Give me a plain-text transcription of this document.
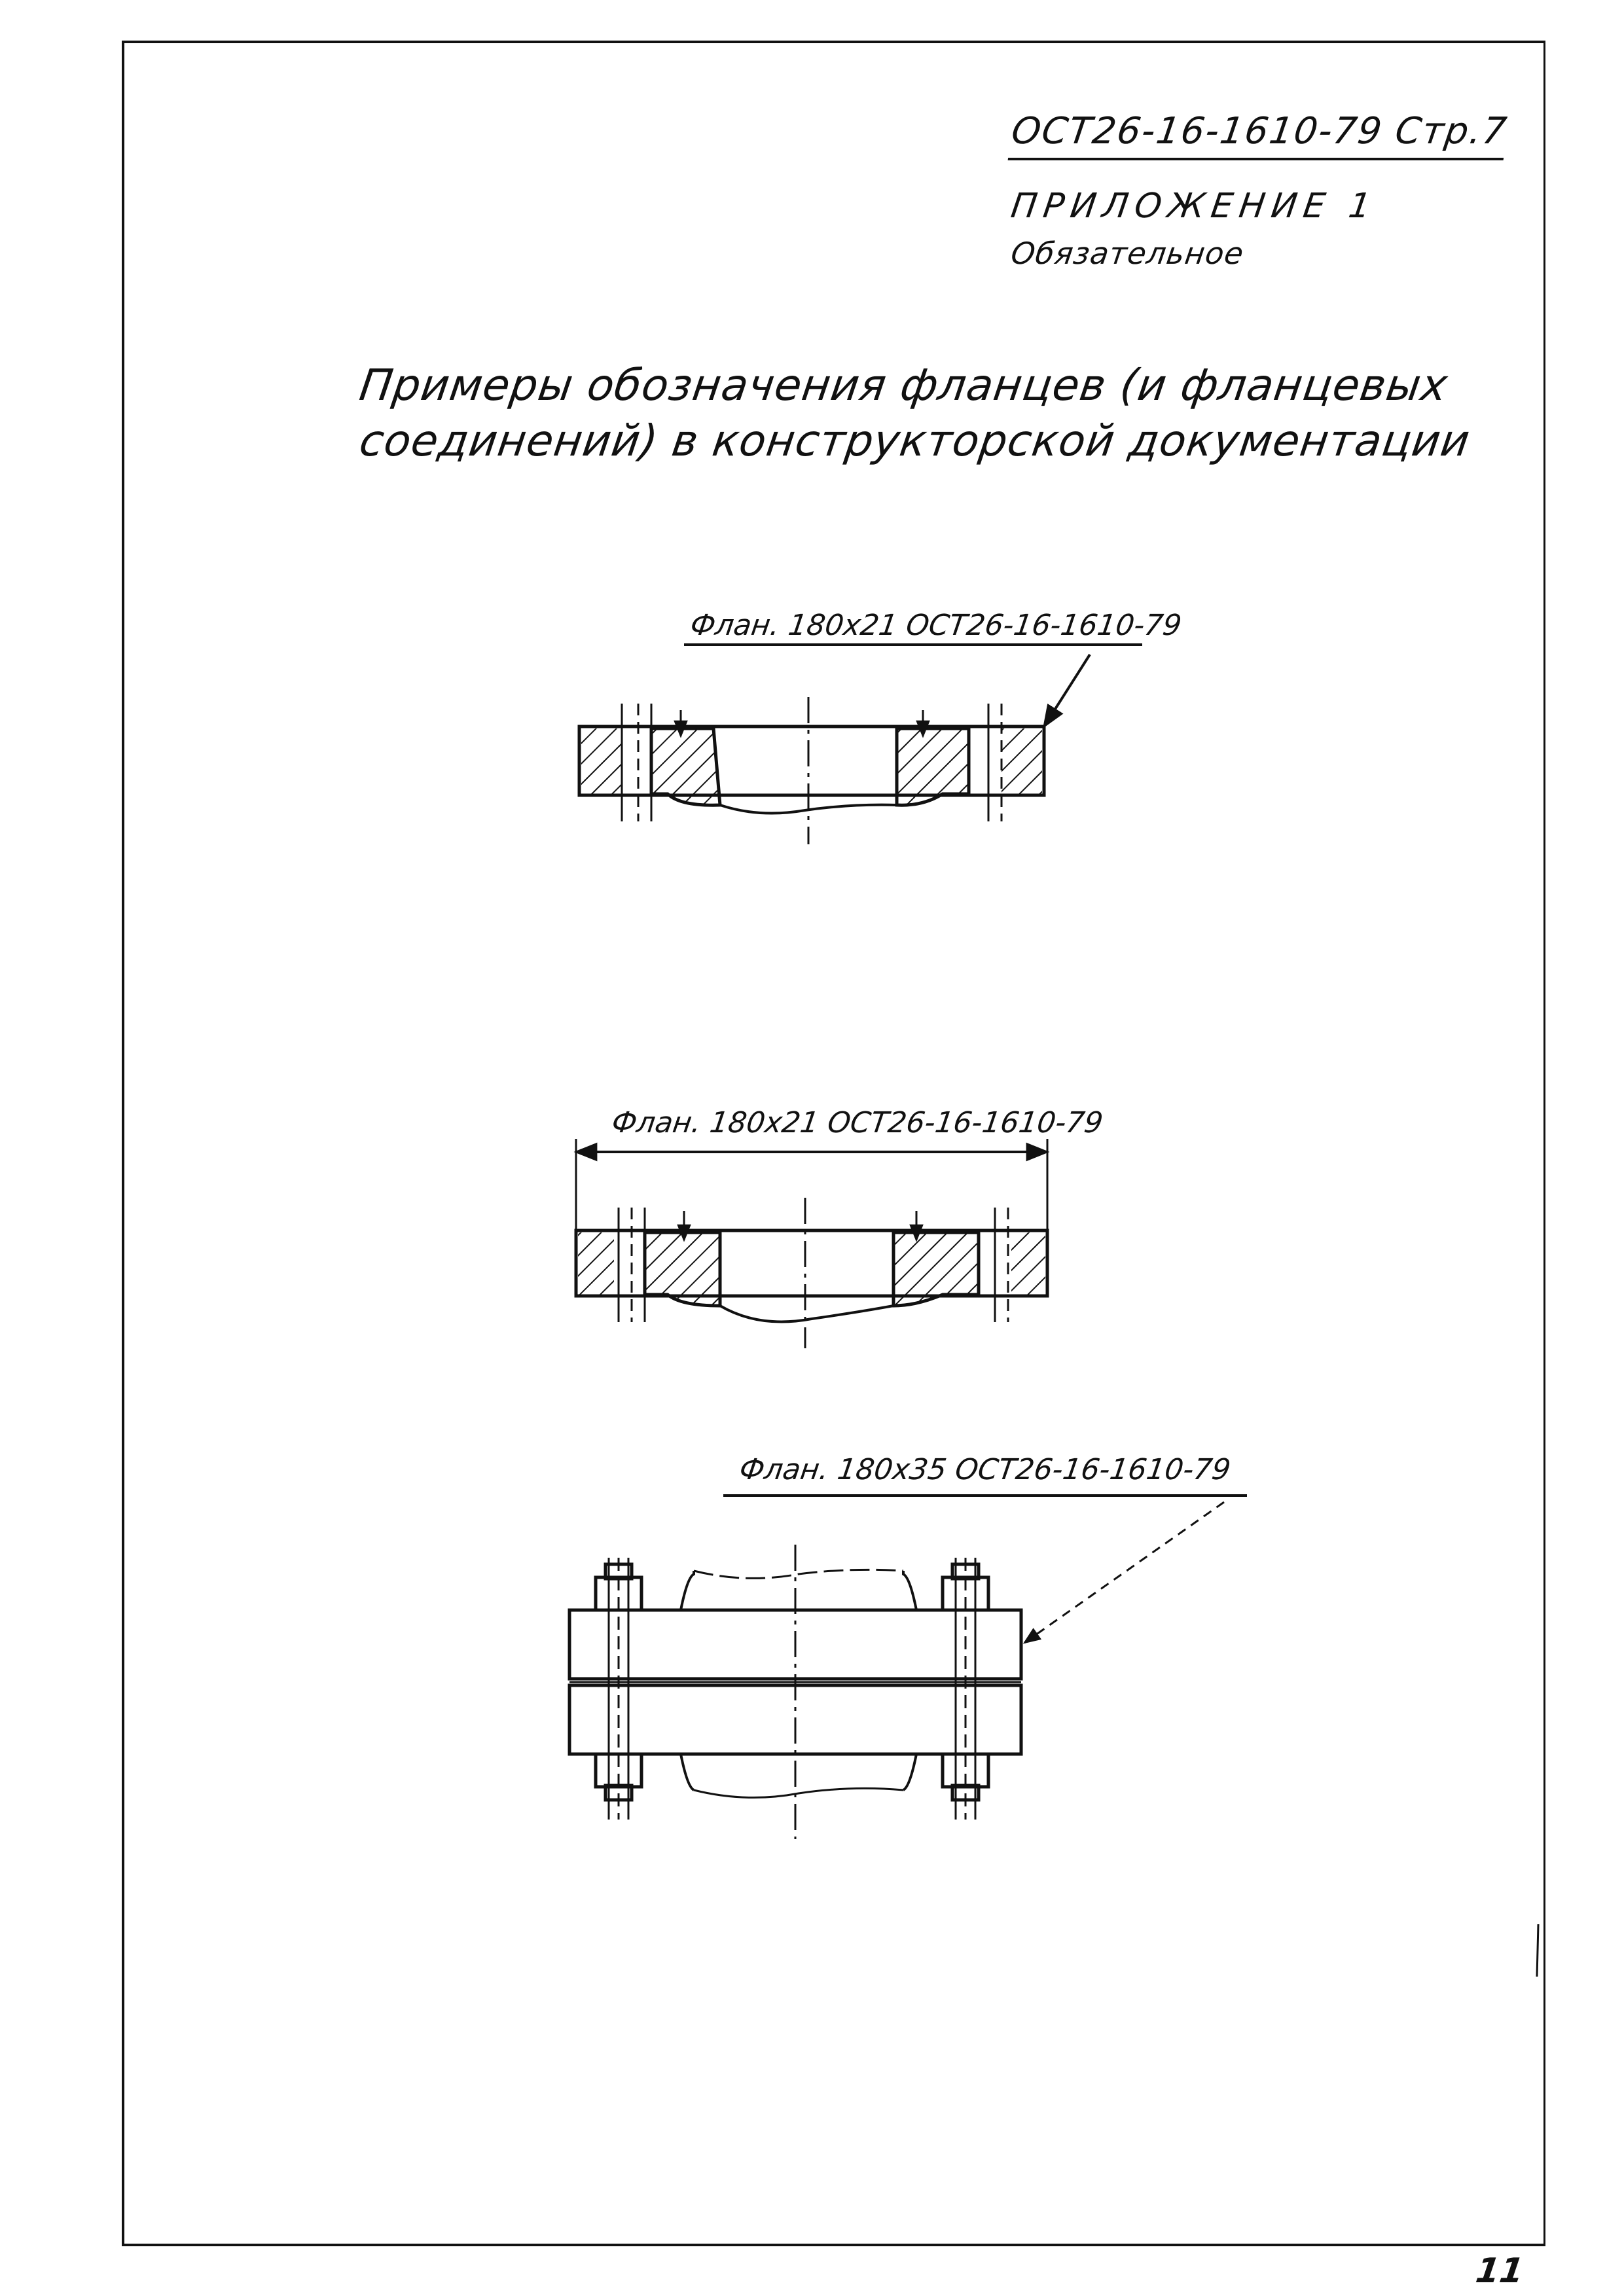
ОСТ26-16-1610-79 Стр.7
ПРИЛОЖЕНИЕ 1
Обязательное
Примеры обозначения фланцев (и фланцевых
соединений) в конструкторской документации
Флан. 180х21 ОСТ26-16-1610-79
Флан. 180х21 ОСТ26-16-1610-79
Флан. 180х35 ОСТ26-16-1610-79
11
